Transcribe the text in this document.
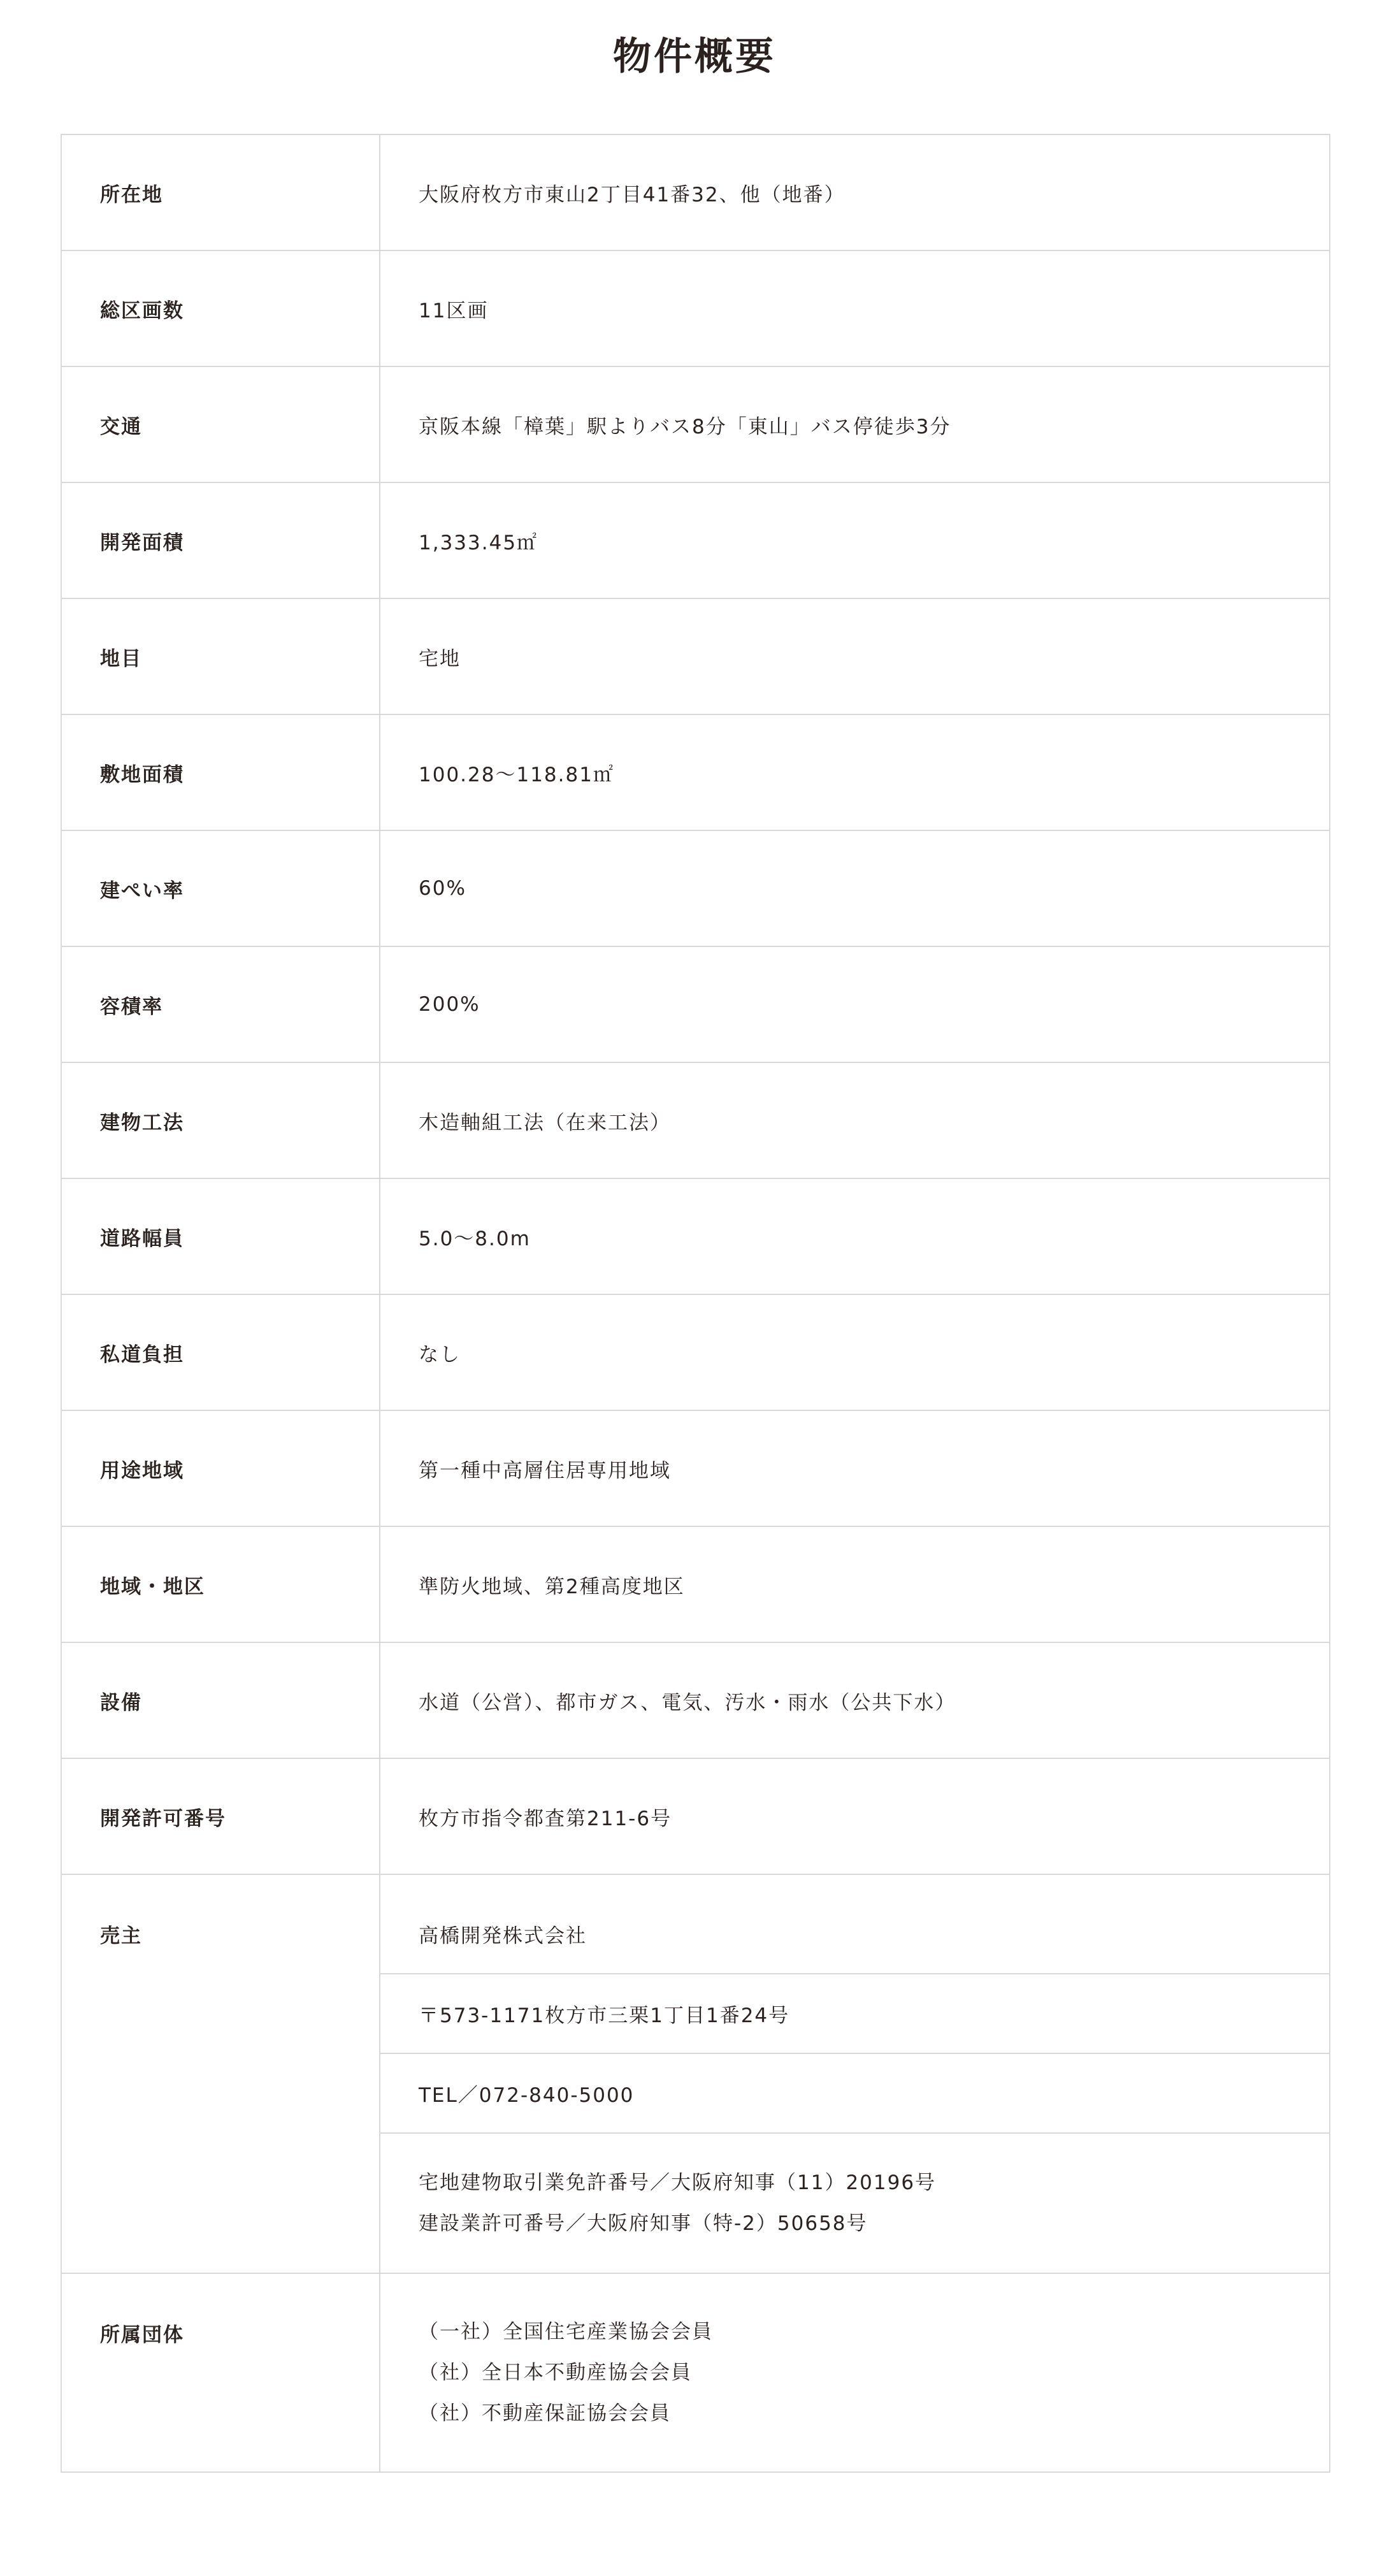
物件概要
所在地	大阪府枚方市東山2丁目41番32、他（地番）
総区画数	11区画
交通	京阪本線「樟葉」駅よりバス8分「東山」バス停徒歩3分
開発面積	1,333.45㎡
地目	宅地
敷地面積	100.28～118.81㎡
建ぺい率	60%
容積率	200%
建物工法	木造軸組工法（在来工法）
道路幅員	5.0～8.0m
私道負担	なし
用途地域	第一種中高層住居専用地域
地域・地区	準防火地域、第2種高度地区
設備	水道（公営）、都市ガス、電気、汚水・雨水（公共下水）
開発許可番号	枚方市指令都査第211-6号
売主	高橋開発株式会社
〒573-1171枚方市三栗1丁目1番24号
TEL／072-840-5000
宅地建物取引業免許番号／大阪府知事（11）20196号
建設業許可番号／大阪府知事（特-2）50658号

所属団体	（一社）全国住宅産業協会会員
（社）全日本不動産協会会員
（社）不動産保証協会会員
